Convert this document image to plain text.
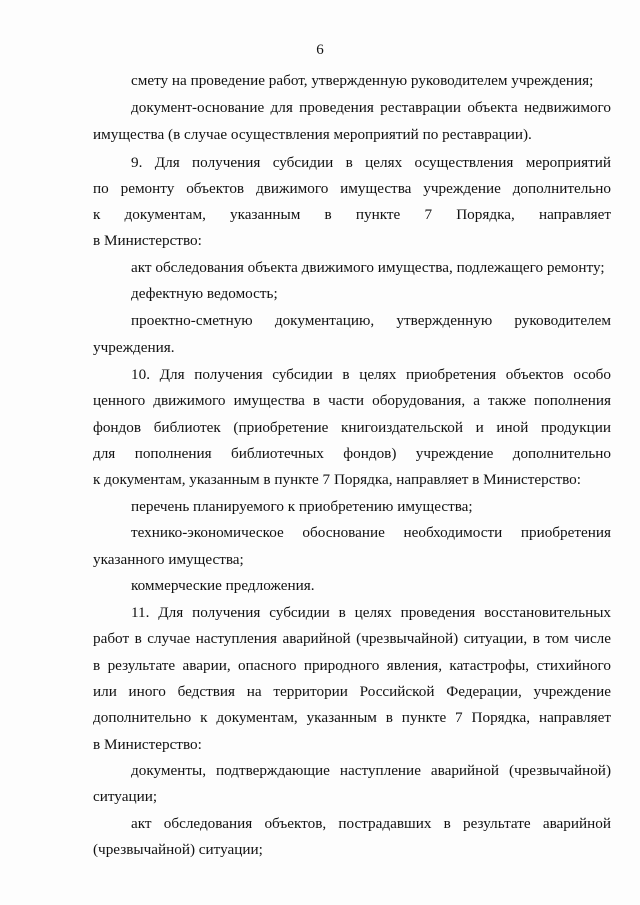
6
смету на проведение работ, утвержденную руководителем учреждения;
документ-основание для проведения реставрации объекта недвижимого
имущества (в случае осуществления мероприятий по реставрации).
9. Для получения субсидии в целях осуществления мероприятий
по ремонту объектов движимого имущества учреждение дополнительно
к документам, указанным в пункте 7 Порядка, направляет
в Министерство:
акт обследования объекта движимого имущества, подлежащего ремонту;
дефектную ведомость;
проектно-сметную документацию, утвержденную руководителем
учреждения.
10. Для получения субсидии в целях приобретения объектов особо
ценного движимого имущества в части оборудования, а также пополнения
фондов библиотек (приобретение книгоиздательской и иной продукции
для пополнения библиотечных фондов) учреждение дополнительно
к документам, указанным в пункте 7 Порядка, направляет в Министерство:
перечень планируемого к приобретению имущества;
технико-экономическое обоснование необходимости приобретения
указанного имущества;
коммерческие предложения.
11. Для получения субсидии в целях проведения восстановительных
работ в случае наступления аварийной (чрезвычайной) ситуации, в том числе
в результате аварии, опасного природного явления, катастрофы, стихийного
или иного бедствия на территории Российской Федерации, учреждение
дополнительно к документам, указанным в пункте 7 Порядка, направляет
в Министерство:
документы, подтверждающие наступление аварийной (чрезвычайной)
ситуации;
акт обследования объектов, пострадавших в результате аварийной
(чрезвычайной) ситуации;
